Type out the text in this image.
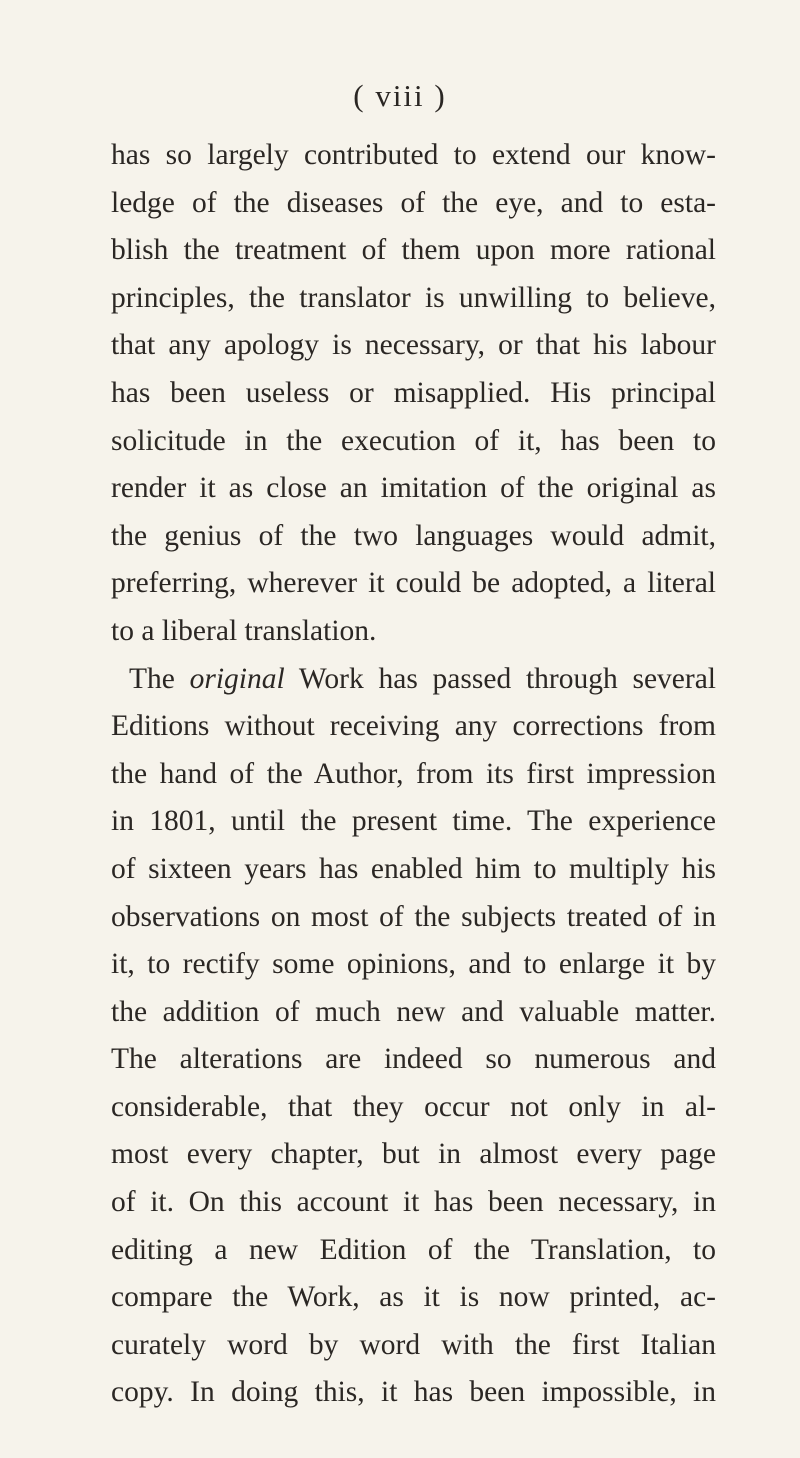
( viii )
has so largely contributed to extend our know-
ledge of the diseases of the eye, and to esta-
blish the treatment of them upon more rational
principles, the translator is unwilling to believe,
that any apology is necessary, or that his labour
has been useless or misapplied. His principal
solicitude in the execution of it, has been to
render it as close an imitation of the original as
the genius of the two languages would admit,
preferring, wherever it could be adopted, a literal
to a liberal translation.
The original Work has passed through several
Editions without receiving any corrections from
the hand of the Author, from its first impression
in 1801, until the present time. The experience
of sixteen years has enabled him to multiply his
observations on most of the subjects treated of in
it, to rectify some opinions, and to enlarge it by
the addition of much new and valuable matter.
The alterations are indeed so numerous and
considerable, that they occur not only in al-
most every chapter, but in almost every page
of it. On this account it has been necessary, in
editing a new Edition of the Translation, to
compare the Work, as it is now printed, ac-
curately word by word with the first Italian
copy. In doing this, it has been impossible, in
